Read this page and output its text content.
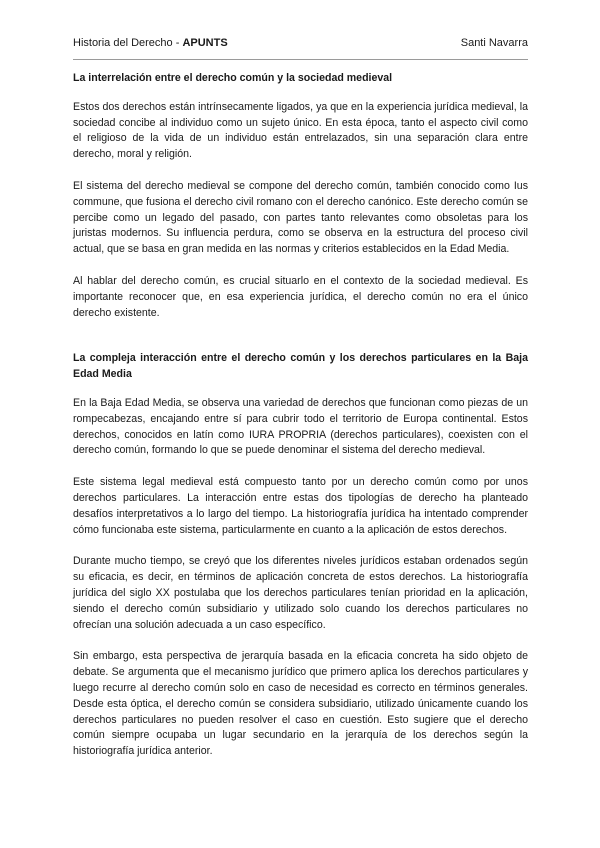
Historia del Derecho - APUNTS	Santi Navarra
La interrelación entre el derecho común y la sociedad medieval

Estos dos derechos están intrínsecamente ligados, ya que en la experiencia jurídica medieval, la sociedad concibe al individuo como un sujeto único. En esta época, tanto el aspecto civil como el religioso de la vida de un individuo están entrelazados, sin una separación clara entre derecho, moral y religión.

El sistema del derecho medieval se compone del derecho común, también conocido como Ius commune, que fusiona el derecho civil romano con el derecho canónico. Este derecho común se percibe como un legado del pasado, con partes tanto relevantes como obsoletas para los juristas modernos. Su influencia perdura, como se observa en la estructura del proceso civil actual, que se basa en gran medida en las normas y criterios establecidos en la Edad Media.

Al hablar del derecho común, es crucial situarlo en el contexto de la sociedad medieval. Es importante reconocer que, en esa experiencia jurídica, el derecho común no era el único derecho existente.

La compleja interacción entre el derecho común y los derechos particulares en la Baja Edad Media

En la Baja Edad Media, se observa una variedad de derechos que funcionan como piezas de un rompecabezas, encajando entre sí para cubrir todo el territorio de Europa continental. Estos derechos, conocidos en latín como IURA PROPRIA (derechos particulares), coexisten con el derecho común, formando lo que se puede denominar el sistema del derecho medieval.

Este sistema legal medieval está compuesto tanto por un derecho común como por unos derechos particulares. La interacción entre estas dos tipologías de derecho ha planteado desafíos interpretativos a lo largo del tiempo. La historiografía jurídica ha intentado comprender cómo funcionaba este sistema, particularmente en cuanto a la aplicación de estos derechos.

Durante mucho tiempo, se creyó que los diferentes niveles jurídicos estaban ordenados según su eficacia, es decir, en términos de aplicación concreta de estos derechos. La historiografía jurídica del siglo XX postulaba que los derechos particulares tenían prioridad en la aplicación, siendo el derecho común subsidiario y utilizado solo cuando los derechos particulares no ofrecían una solución adecuada a un caso específico.

Sin embargo, esta perspectiva de jerarquía basada en la eficacia concreta ha sido objeto de debate. Se argumenta que el mecanismo jurídico que primero aplica los derechos particulares y luego recurre al derecho común solo en caso de necesidad es correcto en términos generales. Desde esta óptica, el derecho común se considera subsidiario, utilizado únicamente cuando los derechos particulares no pueden resolver el caso en cuestión. Esto sugiere que el derecho común siempre ocupaba un lugar secundario en la jerarquía de los derechos según la historiografía jurídica anterior.
